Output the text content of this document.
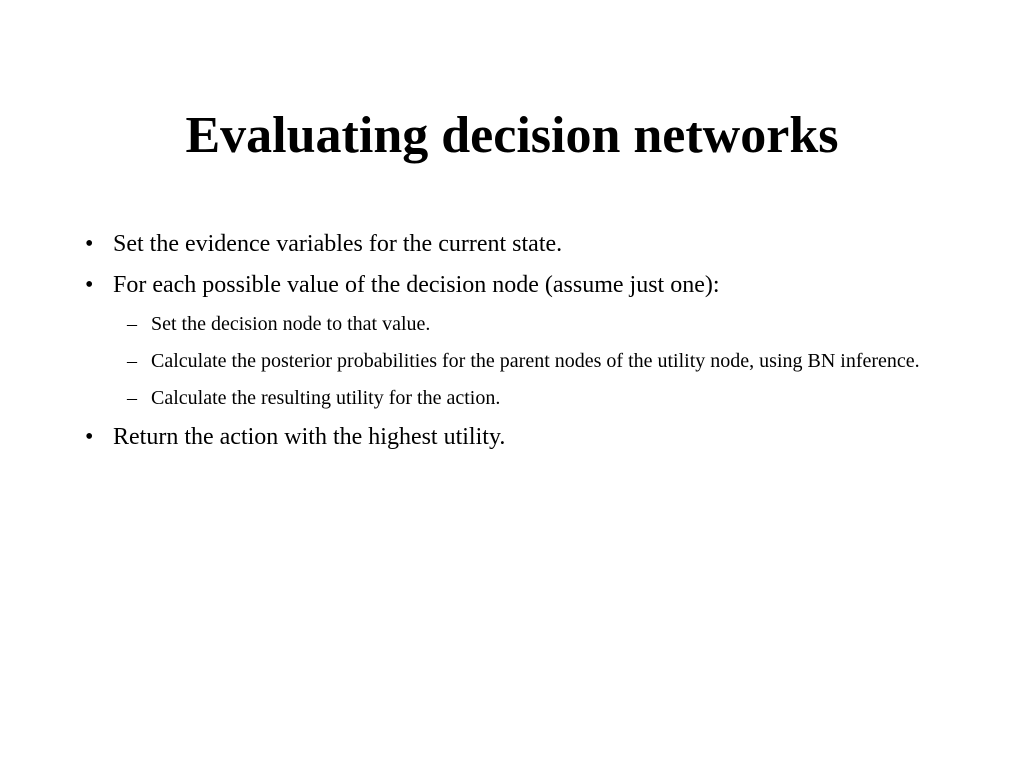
Evaluating decision networks
• Set the evidence variables for the current state.
• For each possible value of the decision node (assume just one):
– Set the decision node to that value.
– Calculate the posterior probabilities for the parent nodes of the utility node, using BN inference.
– Calculate the resulting utility for the action.
• Return the action with the highest utility.
